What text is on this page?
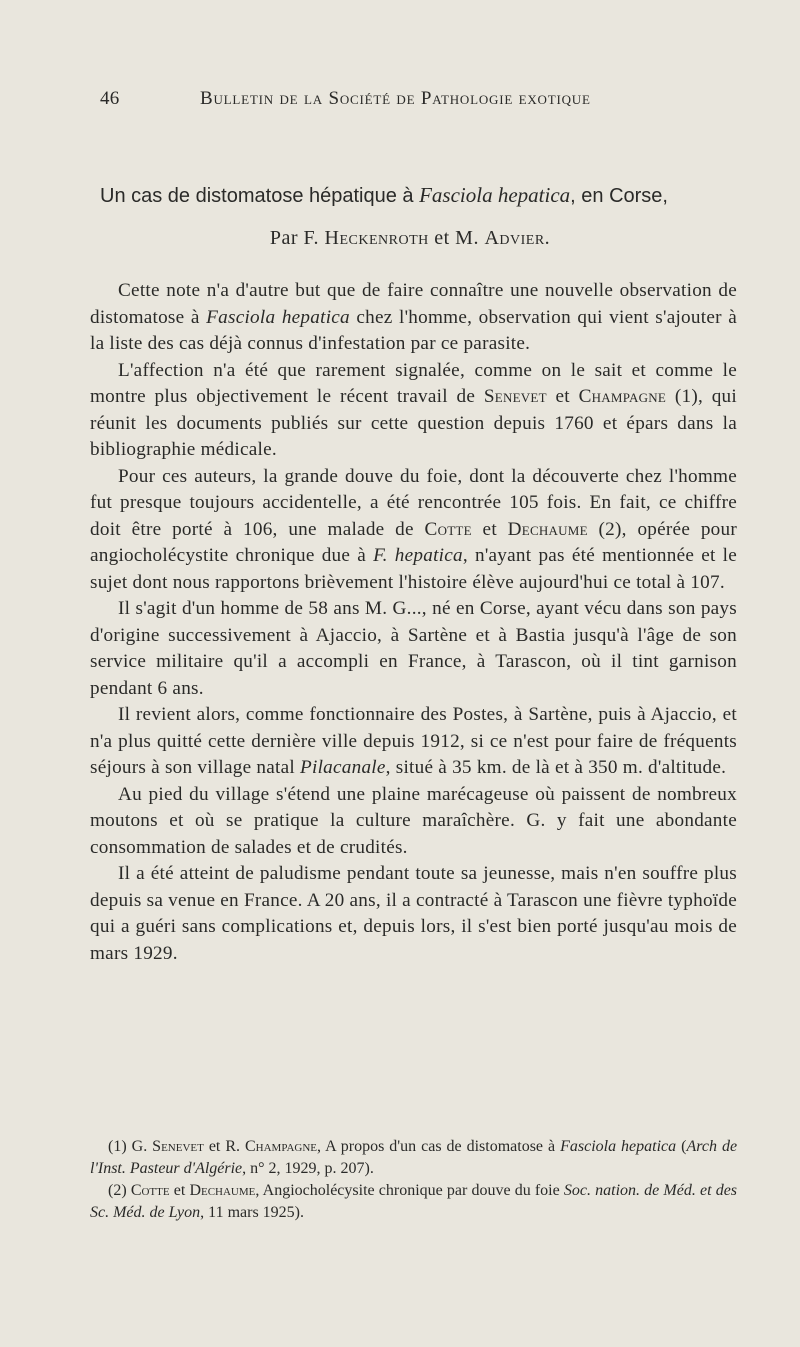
46	Bulletin de la Société de Pathologie exotique
Un cas de distomatose hépatique à Fasciola hepatica, en Corse,
Par F. Heckenroth et M. Advier.

Cette note n'a d'autre but que de faire connaître une nouvelle observation de distomatose à Fasciola hepatica chez l'homme, observation qui vient s'ajouter à la liste des cas déjà connus d'infestation par ce parasite.

L'affection n'a été que rarement signalée, comme on le sait et comme le montre plus objectivement le récent travail de Senevet et Champagne (1), qui réunit les documents publiés sur cette question depuis 1760 et épars dans la bibliographie médicale.

Pour ces auteurs, la grande douve du foie, dont la découverte chez l'homme fut presque toujours accidentelle, a été rencontrée 105 fois. En fait, ce chiffre doit être porté à 106, une malade de Cotte et Dechaume (2), opérée pour angiocholécystite chronique due à F. hepatica, n'ayant pas été mentionnée et le sujet dont nous rapportons brièvement l'histoire élève aujourd'hui ce total à 107.

Il s'agit d'un homme de 58 ans M. G..., né en Corse, ayant vécu dans son pays d'origine successivement à Ajaccio, à Sartène et à Bastia jusqu'à l'âge de son service militaire qu'il a accompli en France, à Tarascon, où il tint garnison pendant 6 ans.

Il revient alors, comme fonctionnaire des Postes, à Sartène, puis à Ajaccio, et n'a plus quitté cette dernière ville depuis 1912, si ce n'est pour faire de fréquents séjours à son village natal Pilacanale, situé à 35 km. de là et à 350 m. d'altitude.

Au pied du village s'étend une plaine marécageuse où paissent de nombreux moutons et où se pratique la culture maraîchère. G. y fait une abondante consommation de salades et de crudités.

Il a été atteint de paludisme pendant toute sa jeunesse, mais n'en souffre plus depuis sa venue en France. A 20 ans, il a contracté à Tarascon une fièvre typhoïde qui a guéri sans complications et, depuis lors, il s'est bien porté jusqu'au mois de mars 1929.

(1) G. Senevet et R. Champagne, A propos d'un cas de distomatose à Fasciola hepatica (Arch de l'Inst. Pasteur d'Algérie, n° 2, 1929, p. 207).

(2) Cotte et Dechaume, Angiocholécysite chronique par douve du foie Soc. nation. de Méd. et des Sc. Méd. de Lyon, 11 mars 1925).
